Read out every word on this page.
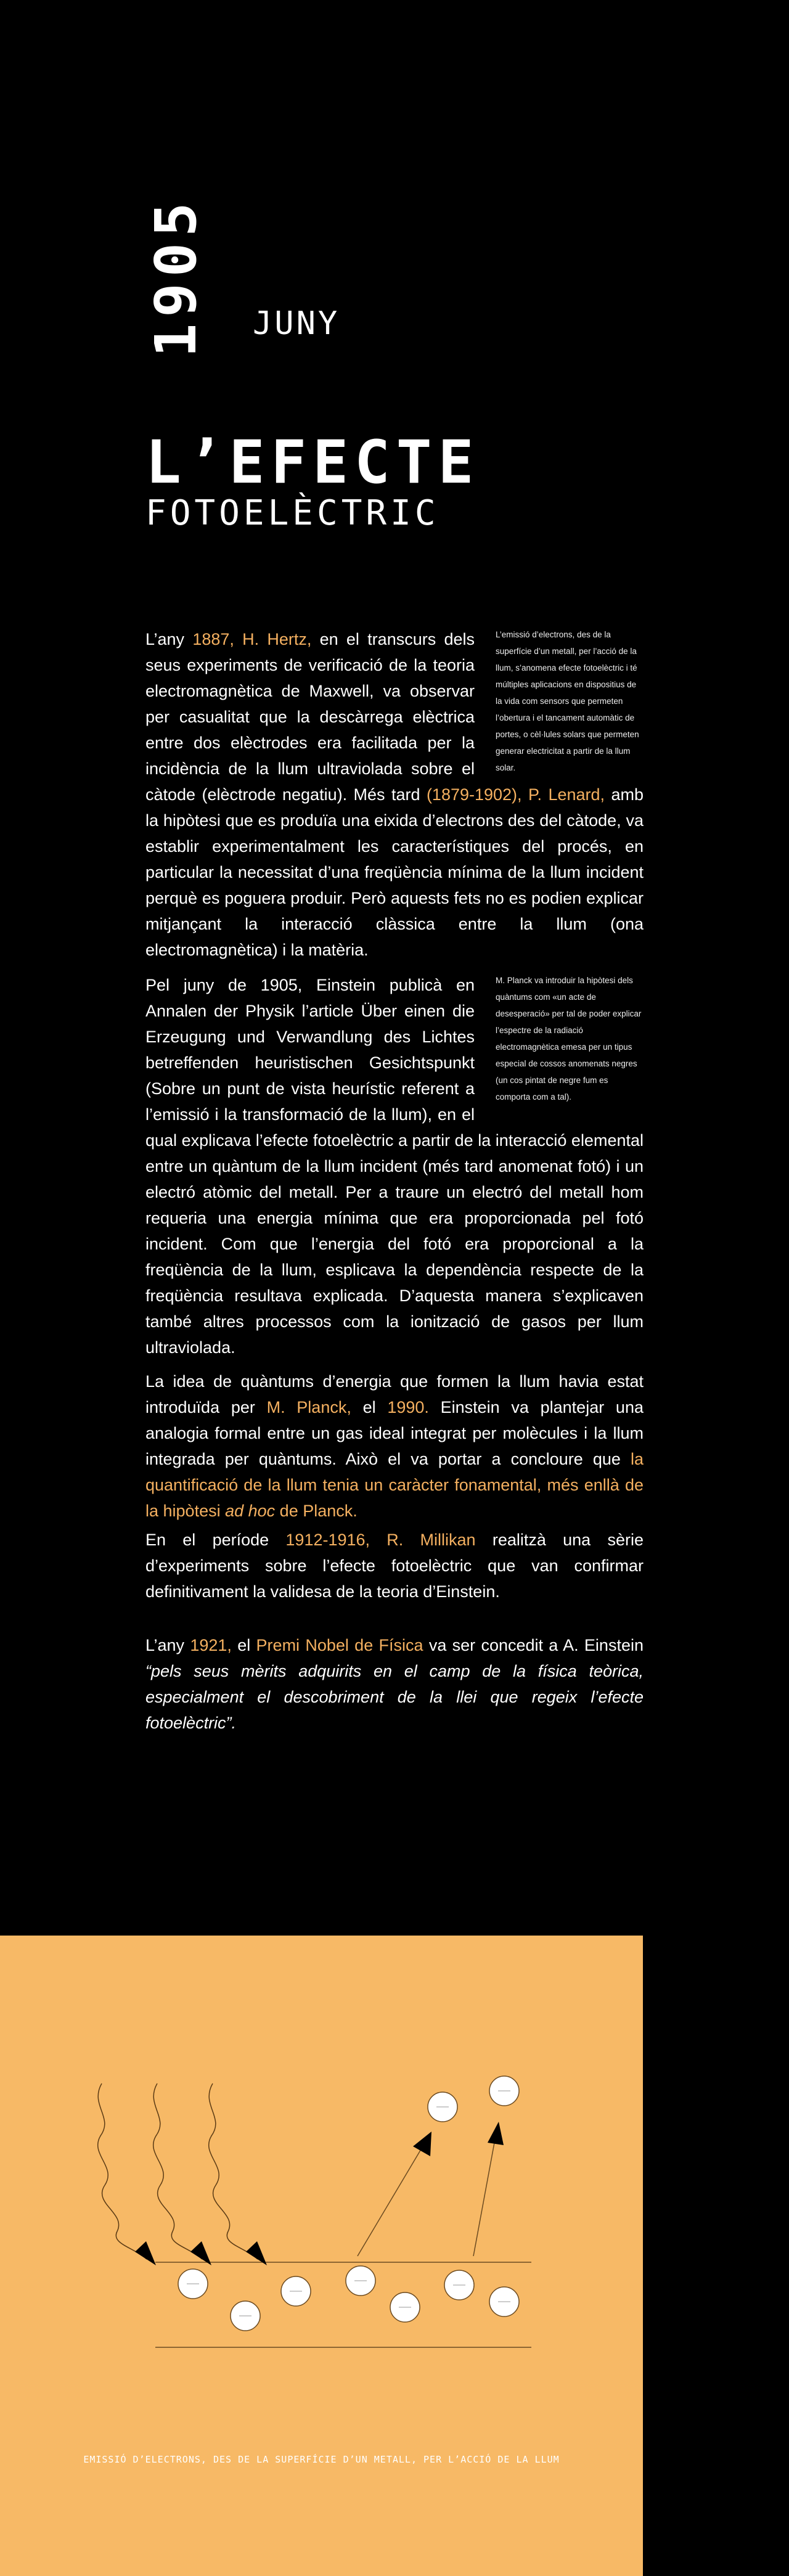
1905 JUNY
L’EFECTE
FOTOELÈCTRIC
L’emissió d’electrons, des de la superfície d’un metall, per l’acció de la llum, s’anomena efecte fotoelèctric i té múltiples aplicacions en dispositius de la vida com sensors que permeten l’obertura i el tancament automàtic de portes, o cèl·lules solars que permeten generar electricitat a partir de la llum solar.
L’any 1887, H. Hertz, en el transcurs dels seus experiments de verificació de la teoria electromagnètica de Maxwell, va observar per casualitat que la descàrrega elèctrica entre dos elèctrodes era facilitada per la incidència de la llum ultraviolada sobre el càtode (elèctrode negatiu). Més tard (1879-1902), P. Lenard, amb la hipòtesi que es produïa una eixida d’electrons des del càtode, va establir experimentalment les característiques del procés, en particular la necessitat d’una freqüència mínima de la llum incident perquè es poguera produir. Però aquests fets no es podien explicar mitjançant la interacció clàssica entre la llum (ona electromagnètica) i la matèria.
M. Planck va introduir la hipòtesi dels quàntums com «un acte de desesperació» per tal de poder explicar l’espectre de la radiació electromagnètica emesa per un tipus especial de cossos anomenats negres (un cos pintat de negre fum es comporta com a tal).
Pel juny de 1905, Einstein publicà en Annalen der Physik l’article Über einen die Erzeugung und Verwandlung des Lichtes betreffenden heuristischen Gesichtspunkt (Sobre un punt de vista heurístic referent a l’emissió i la transformació de la llum), en el qual explicava l’efecte fotoelèctric a partir de la interacció elemental entre un quàntum de la llum incident (més tard anomenat fotó) i un electró atòmic del metall. Per a traure un electró del metall hom requeria una energia mínima que era proporcionada pel fotó incident. Com que l’energia del fotó era proporcional a la freqüència de la llum, esplicava la dependència respecte de la freqüència resultava explicada. D’aquesta manera s’explicaven també altres processos com la ionització de gasos per llum ultraviolada.
La idea de quàntums d’energia que formen la llum havia estat introduïda per M. Planck, el 1990. Einstein va plantejar una analogia formal entre un gas ideal integrat per molècules i la llum integrada per quàntums. Això el va portar a concloure que la quantificació de la llum tenia un caràcter fonamental, més enllà de la hipòtesi ad hoc de Planck.
En el període 1912-1916, R. Millikan realitzà una sèrie d’experiments sobre l’efecte fotoelèctric que van confirmar definitivament la validesa de la teoria d’Einstein.
L’any 1921, el Premi Nobel de Física va ser concedit a A. Einstein “pels seus mèrits adquirits en el camp de la física teòrica, especialment el descobriment de la llei que regeix l’efecte fotoelèctric”.
EMISSIÓ D’ELECTRONS, DES DE LA SUPERFÍCIE D’UN METALL, PER L’ACCIÓ DE LA LLUM
